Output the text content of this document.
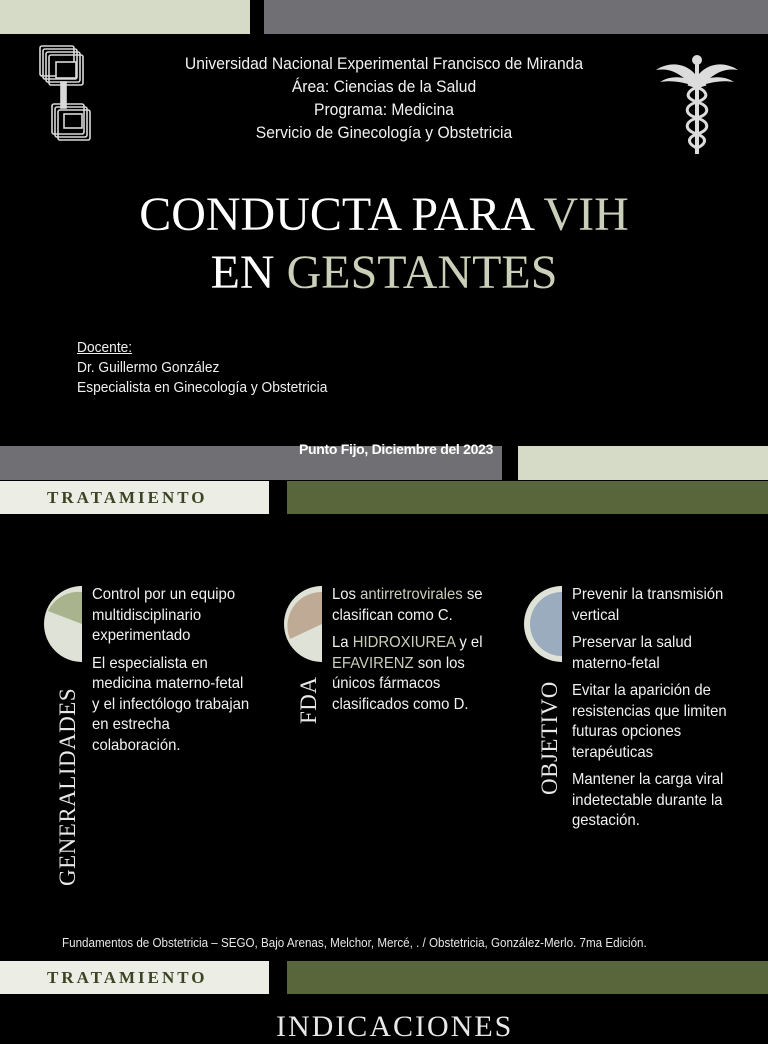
Universidad Nacional Experimental Francisco de Miranda
Área: Ciencias de la Salud
Programa: Medicina
Servicio de Ginecología y Obstetricia
CONDUCTA PARA VIH
EN GESTANTES
Docente:
Dr. Guillermo González
Especialista en Ginecología y Obstetricia
Punto Fijo, Diciembre del 2023
TRATAMIENTO
GENERALIDADES

Control por un equipo multidisciplinario experimentado

El especialista en medicina materno-fetal y el infectólogo trabajan en estrecha colaboración.

FDA

Los antirretrovirales se clasifican como C.

La HIDROXIUREA y el EFAVIRENZ son los únicos fármacos clasificados como D.	OBJETIVO

Prevenir la transmisión vertical

Preservar la salud materno-fetal

Evitar la aparición de resistencias que limiten futuras opciones terapéuticas

Mantener la carga viral indetectable durante la gestación.

Fundamentos de Obstetricia – SEGO, Bajo Arenas, Melchor, Mercé, . / Obstetricia, González-Merlo. 7ma Edición.
TRATAMIENTO
INDICACIONES
